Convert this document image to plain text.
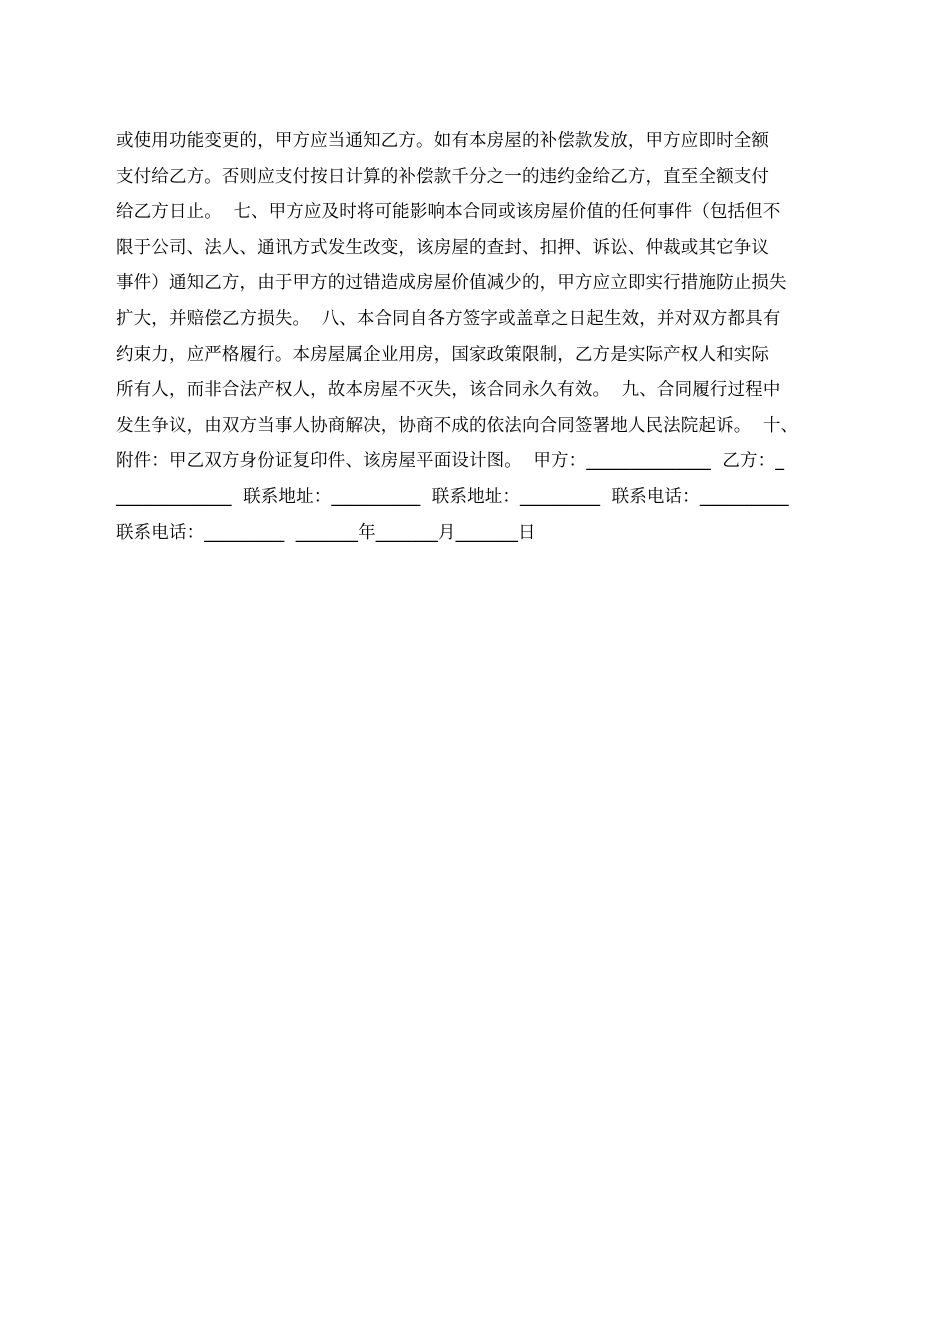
或使用功能变更的，甲方应当通知乙方。如有本房屋的补偿款发放，甲方应即时全额
支付给乙方。否则应支付按日计算的补偿款千分之一的违约金给乙方，直至全额支付
给乙方日止。  七、甲方应及时将可能影响本合同或该房屋价值的任何事件（包括但不
限于公司、法人、通讯方式发生改变，该房屋的查封、扣押、诉讼、仲裁或其它争议
事件）通知乙方，由于甲方的过错造成房屋价值减少的，甲方应立即实行措施防止损失
扩大，并赔偿乙方损失。  八、本合同自各方签字或盖章之日起生效，并对双方都具有
约束力，应严格履行。本房屋属企业用房，国家政策限制，乙方是实际产权人和实际
所有人，而非合法产权人，故本房屋不灭失，该合同永久有效。  九、合同履行过程中
发生争议，由双方当事人协商解决，协商不成的依法向合同签署地人民法院起诉。  十、
附件：甲乙双方身份证复印件、该房屋平面设计图。  甲方：______________  乙方：_
_____________  联系地址：__________  联系地址：_________  联系电话：__________
联系电话：_________  _______年_______月_______日
